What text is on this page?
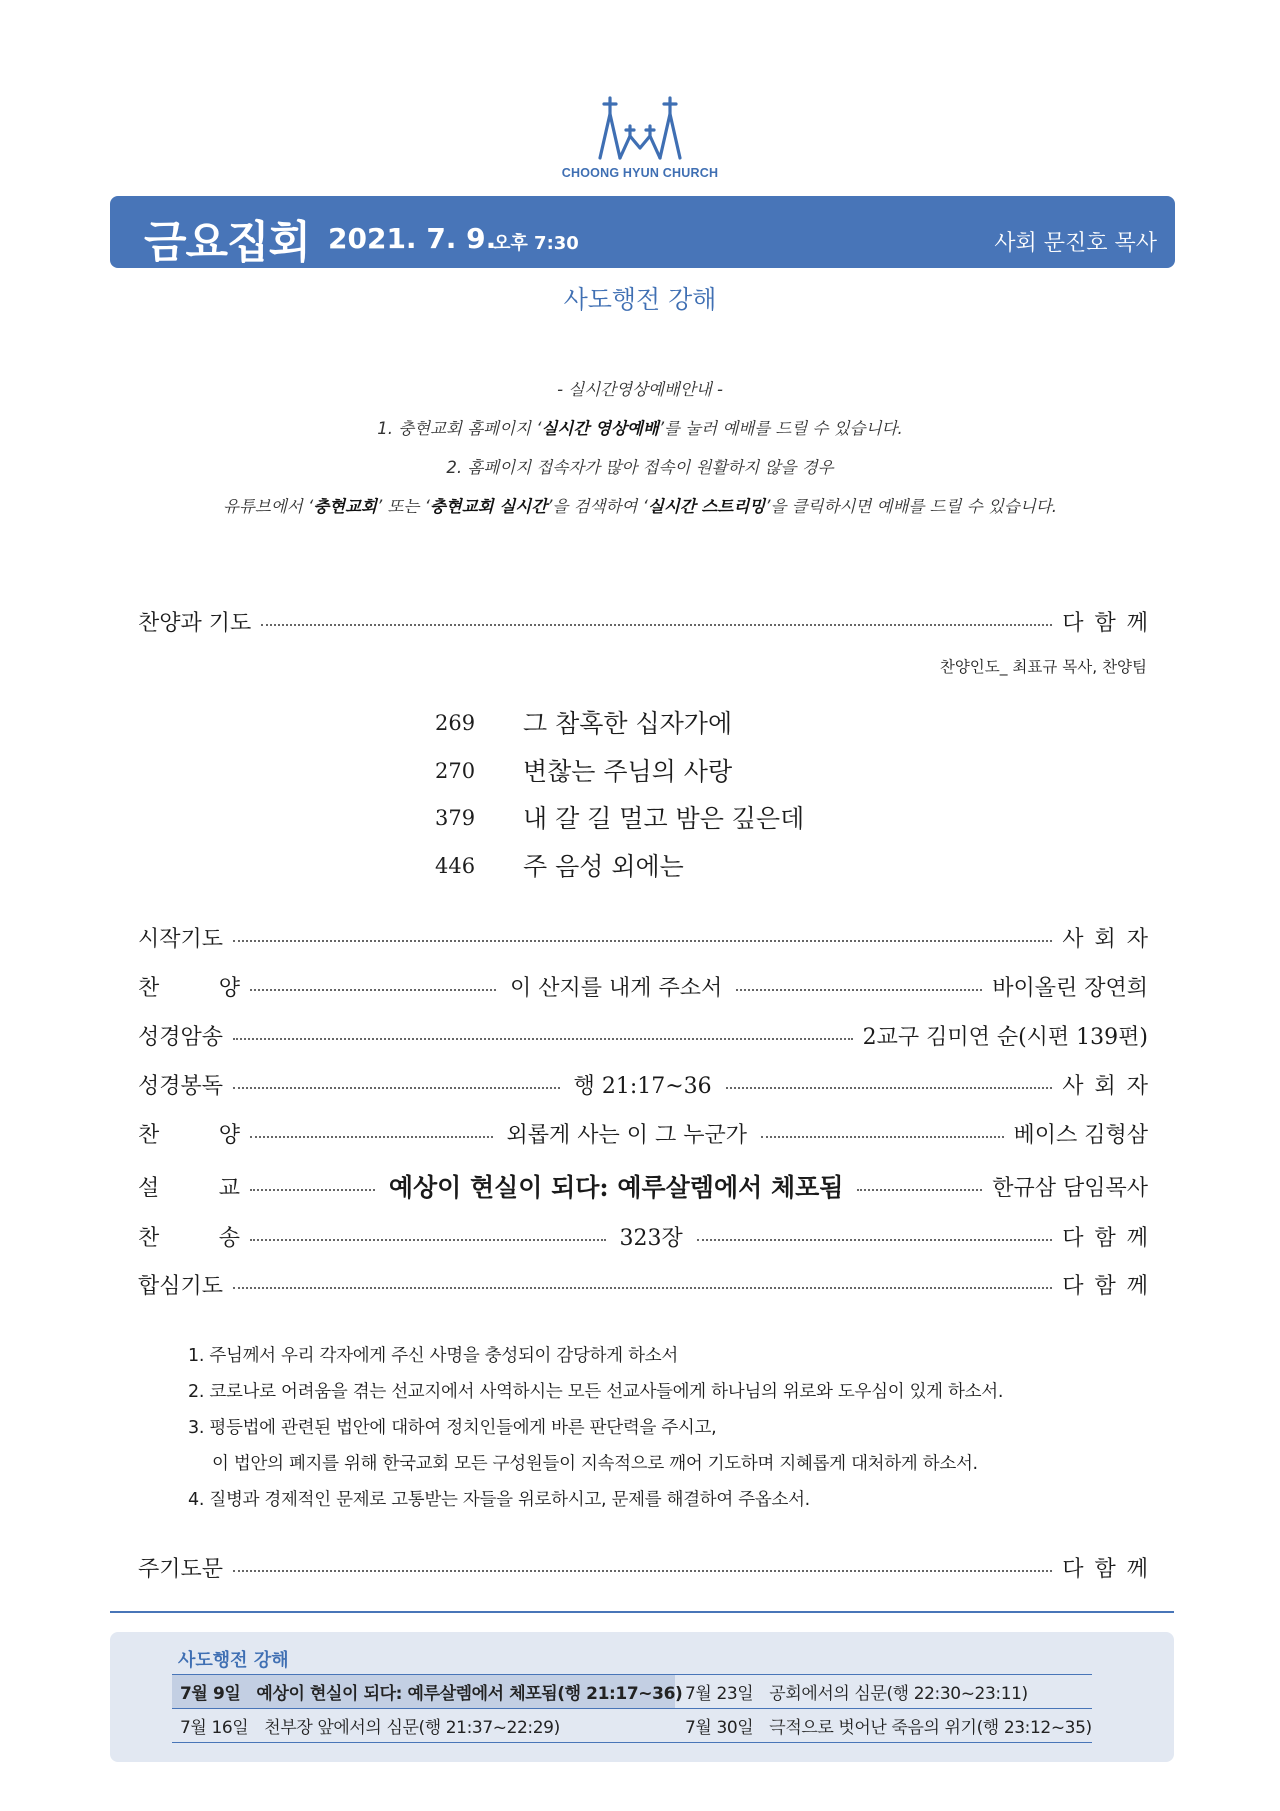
CHOONG HYUN CHURCH
금요집회 2021. 7. 9.
오후 7:30	사회 문진호 목사
사도행전 강해

- 실시간영상예배안내 -

1. 충현교회 홈페이지 ‘실시간 영상예배’를 눌러 예배를 드릴 수 있습니다.

2. 홈페이지 접속자가 많아 접속이 원활하지 않을 경우

유튜브에서 ‘충현교회’ 또는 ‘충현교회 실시간’을 검색하여 ‘실시간 스트리밍’을 클릭하시면 예배를 드릴 수 있습니다.

찬양과 기도	다함께
찬양인도_ 최표규 목사, 찬양팀
269	그 참혹한 십자가에
270	변찮는 주님의 사랑
379	내 갈 길 멀고 밤은 깊은데
446	주 음성 외에는
시작기도	사회자
찬	양	이 산지를 내게 주소서	바이올린 장연희
성경암송	2교구 김미연 순(시편 139편)
성경봉독	행 21:17~36	사회자
찬	양	외롭게 사는 이 그 누군가	베이스 김형삼
설	교	예상이 현실이 되다: 예루살렘에서 체포됨	한규삼 담임목사
찬	송	323장	다함께
합심기도	다함께
1. 주님께서 우리 각자에게 주신 사명을 충성되이 감당하게 하소서
2. 코로나로 어려움을 겪는 선교지에서 사역하시는 모든 선교사들에게 하나님의 위로와 도우심이 있게 하소서.
3. 평등법에 관련된 법안에 대하여 정치인들에게 바른 판단력을 주시고,
이 법안의 폐지를 위해 한국교회 모든 구성원들이 지속적으로 깨어 기도하며 지혜롭게 대처하게 하소서.
4. 질병과 경제적인 문제로 고통받는 자들을 위로하시고, 문제를 해결하여 주옵소서.
주기도문	다함께
사도행전 강해
7월 9일 예상이 현실이 되다: 예루살렘에서 체포됨(행 21:17~36) 7월 23일 공회에서의 심문(행 22:30~23:11)
7월 16일 천부장 앞에서의 심문(행 21:37~22:29)	7월 30일 극적으로 벗어난 죽음의 위기(행 23:12~35)
